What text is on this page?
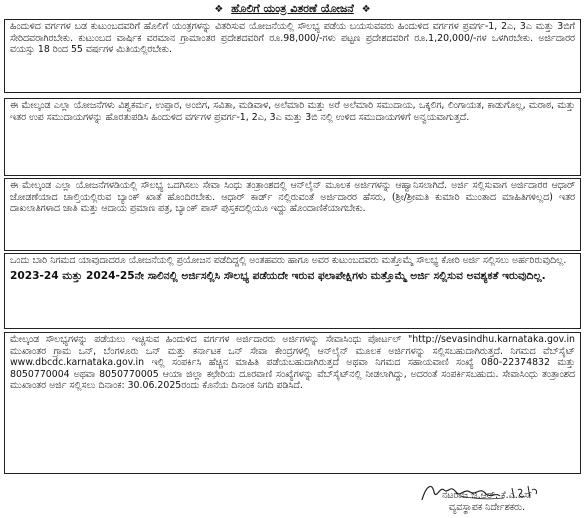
❖ ಹೊಲಿಗೆ ಯಂತ್ರ ವಿತರಣೆ ಯೋಜನೆ ❖

ಹಿಂದುಳಿದ ವರ್ಗಗಳ ಬಡ ಕುಟುಂಬದವರಿಗೆ ಹೊಲಿಗೆ ಯಂತ್ರಗಳನ್ನು ವಿತರಿಸುವ ಯೋಜನೆಯಲ್ಲಿ ಸೌಲಭ್ಯ ಪಡೆಯ ಬಯಸುವವರು ಹಿಂದುಳಿದ ವರ್ಗಗಳ ಪ್ರವರ್ಗ-1, 2ಎ, 3ಎ ಮತ್ತು 3ಬಿಗೆ ಸೇರಿದವರಾಗಿರಬೇಕು. ಕುಟುಂಬದ ವಾರ್ಷಿಕ ವರಮಾನ ಗ್ರಾಮಾಂತರ ಪ್ರದೇಶದವರಿಗೆ ರೂ.98,000/-ಗಳು ಪಟ್ಟಣ ಪ್ರದೇಶದವರಿಗೆ ರೂ.1,20,000/-ಗಳ ಒಳಗಿರಬೇಕು. ಅರ್ಜಿದಾರರ ವಯಸ್ಸು 18 ರಿಂದ 55 ವರ್ಷಗಳ ಮಿತಿಯಲ್ಲಿರಬೇಕು.

ಈ ಮೇಲ್ಕಂಡ ಎಲ್ಲಾ ಯೋಜನೆಗಳು ವಿಶ್ವಕರ್ಮ, ಉಪ್ಪಾರ, ಅಂಬಿಗ, ಸವಿತಾ, ಮಡಿವಾಳ, ಅಲೆಮಾರಿ ಮತ್ತು ಅರೆ ಅಲೆಮಾರಿ ಸಮುದಾಯ, ಒಕ್ಕಲಿಗ, ಲಿಂಗಾಯತ, ಕಾಡುಗೊಲ್ಲ, ಮರಾಠ, ಮತ್ತು ಇತರ ಉಪ ಸಮುದಾಯಗಳನ್ನು ಹೊರತುಪಡಿಸಿ ಹಿಂದುಳಿದ ವರ್ಗಗಳ ಪ್ರವರ್ಗ-1, 2ಎ, 3ಎ ಮತ್ತು 3ಬಿ ನಲ್ಲಿ ಉಳಿದ ಸಮುದಾಯಗಳಿಗೆ ಅನ್ವಯವಾಗುತ್ತದೆ.

ಈ ಮೇಲ್ಕಂಡ ಎಲ್ಲಾ ಯೋಜನೆಗಳಡಿಯಲ್ಲಿ ಸೌಲಭ್ಯ ಒದಗಿಸಲು ಸೇವಾ ಸಿಂಧು ತಂತ್ರಾಂಶದಲ್ಲಿ ಆನ್‌ಲೈನ್ ಮೂಲಕ ಅರ್ಜಿಗಳನ್ನು ಆಹ್ವಾನಿಸಲಾಗಿದೆ. ಅರ್ಜಿ ಸಲ್ಲಿಸುವಾಗ ಅರ್ಜಿದಾರರ ಆಧಾರ್ ಜೋಡಣೆಯಾದ ಚಾಲ್ತಿಯಲ್ಲಿರುವ ಬ್ಯಾಂಕ್ ಖಾತೆ ಹೊಂದಿರಬೇಕು. ಆಧಾರ್ ಕಾರ್ಡ್ ನಲ್ಲಿರುವಂತೆ ಅರ್ಜಿದಾರರ ಹೆಸರು, (ಶ್ರೀ/ಶ್ರೀಮತಿ ಕುಮಾರಿ ಮುಂತಾದ ಮಾಹಿತಿಗಳಿಲ್ಲದ) ಇತರ ದಾಖಲಾತಿಗಳಾದ ಜಾತಿ ಮತ್ತು ಆದಾಯ ಪ್ರಮಾಣ ಪತ್ರ, ಬ್ಯಾಂಕ್ ಪಾಸ್ ಪುಸ್ತಕದಲ್ಲಿಯೂ ಇದ್ದು ಹೊಂದಾಣಿಕೆಯಾಗಬೇಕು.

ಒಂದು ಬಾರಿ ನಿಗಮದ ಯಾವುದಾದರೂ ಯೋಜನೆಯಲ್ಲಿ ಪ್ರಯೋಜನ ಪಡೆದಿದ್ದಲ್ಲಿ ಅಂತಹವರು ಹಾಗೂ ಅವರ ಕುಟುಂಬದವರು ಮತ್ತೊಮ್ಮೆ ಸೌಲಭ್ಯ ಕೋರಿ ಅರ್ಜಿ ಸಲ್ಲಿಸಲು ಅರ್ಹರಿರುವುದಿಲ್ಲ.

2023-24 ಮತ್ತು 2024-25ನೇ ಸಾಲಿನಲ್ಲಿ ಅರ್ಜಿಸಲ್ಲಿಸಿ ಸೌಲಭ್ಯ ಪಡೆಯದೇ ಇರುವ ಫಲಾಪೇಕ್ಷಿಗಳು ಮತ್ತೊಮ್ಮೆ ಅರ್ಜಿ ಸಲ್ಲಿಸುವ ಅವಶ್ಯಕತೆ ಇರುವುದಿಲ್ಲ.

ಮೇಲ್ಕಂಡ ಸೌಲಭ್ಯಗಳನ್ನು ಪಡೆಯಲು ಇಚ್ಚಿಸುವ ಹಿಂದುಳಿದ ವರ್ಗಗಳ ಅರ್ಜಿದಾರರು ಅರ್ಜಿಗಳನ್ನು ಸೇವಾಸಿಂಧು ಪೋರ್ಟಲ್ "http://sevasindhu.karnataka.gov.in ಮುಖಾಂತರ ಗ್ರಾಮ ಒನ್, ಬೆಂಗಳೂರು ಒನ್ ಮತ್ತು ಕರ್ನಾಟಕ ಒನ್ ಸೇವಾ ಕೇಂದ್ರಗಳಲ್ಲಿ ಆನ್‌ಲೈನ್ ಮೂಲಕ ಅರ್ಜಿಗಳನ್ನು ಸಲ್ಲಿಸಬಹುದಾಗಿರುತ್ತದೆ. ನಿಗಮದ ವೆಬ್‌ಸೈಟ್ www.dbcdc.karnataka.gov.in ಇಲ್ಲಿ ಸಂಪರ್ಕಿಸಿ ಹೆಚ್ಚಿನ ಮಾಹಿತಿ ಪಡೆಯಬಹುದಾಗಿರುತ್ತದೆ ಅಥವಾ ನಿಗಮದ ಸಹಾಯವಾಣಿ ಸಂಖ್ಯೆ 080-22374832 ಮತ್ತು 8050770004 ಅಥವಾ 8050770005 ಆಯಾ ಜಿಲ್ಲಾ ಕಛೇರಿಯ ದೂರವಾಣಿ ಸಂಖ್ಯೆಗಳನ್ನು ವೆಬ್‌ಸೈಟ್‌ನಲ್ಲಿ ನೀಡಲಾಗಿದ್ದು, ಅದರಂತೆ ಸಂಪರ್ಕಿಸಬಹುದು. ಸೇವಾಸಿಂಧು ತಂತ್ರಾಂಶದ ಮುಖಾಂತರ ಅರ್ಜಿ ಸಲ್ಲಿಸಲು ದಿನಾಂಕ: 30.06.2025ರಂದು ಕೊನೆಯ ದಿನಾಂಕ ನಿಗದಿ ಪಡಿಸಿದೆ.

ನಟರಾಜ ಜಿ.ಆರ್. ಕೆ.ಎ.ಎಸ್
ವ್ಯವಸ್ಥಾಪಕ ನಿರ್ದೇಶಕರು.
